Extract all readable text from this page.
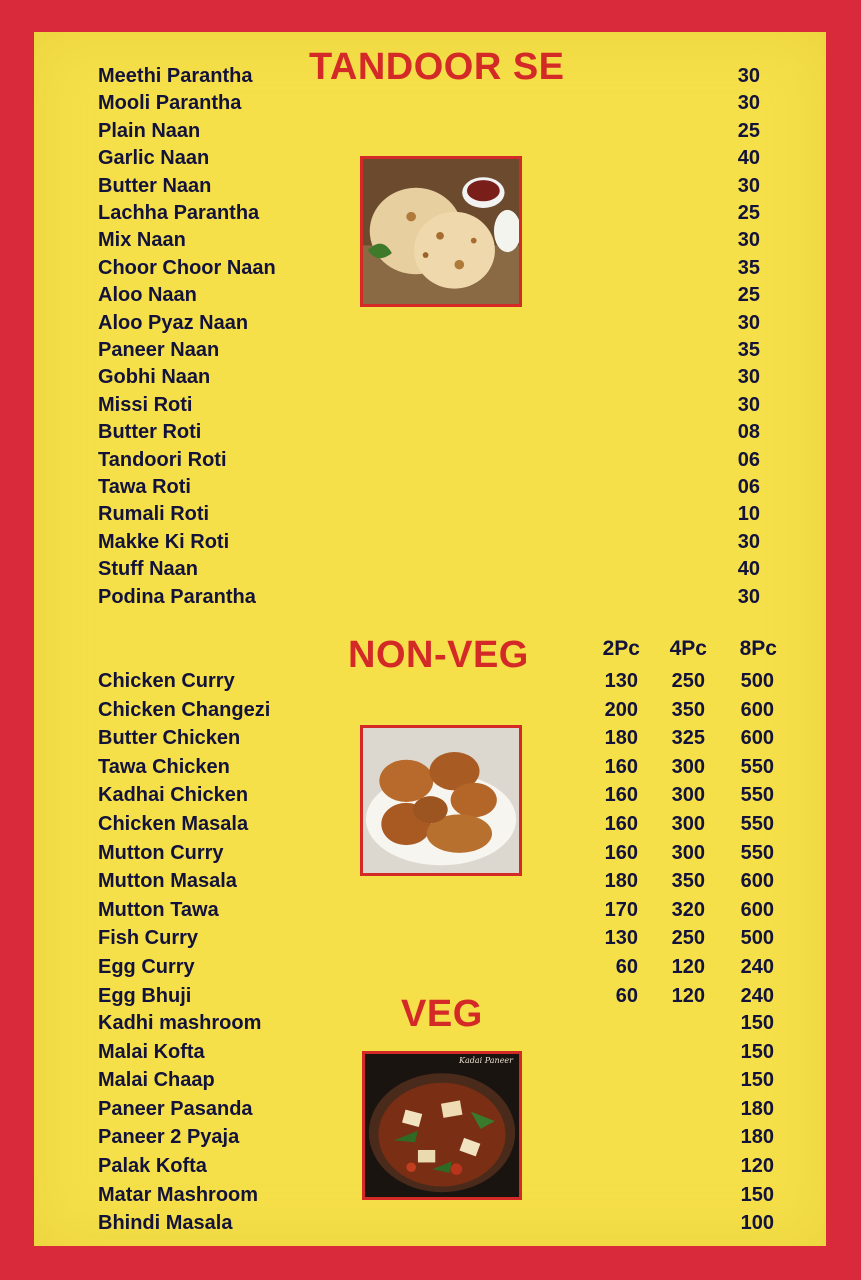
TANDOOR SE
NON-VEG
VEG
2Pc	4Pc	8Pc
Meethi Parantha	30
Mooli Parantha	30
Plain Naan	25
Garlic Naan	40
Butter Naan	30
Lachha Parantha	25
Mix Naan	30
Choor Choor Naan	35
Aloo Naan	25
Aloo Pyaz Naan	30
Paneer Naan	35
Gobhi Naan	30
Missi Roti	30
Butter Roti	08
Tandoori Roti	06
Tawa Roti	06
Rumali Roti	10
Makke Ki Roti	30
Stuff Naan	40
Podina Parantha	30
Chicken Curry	130	250	500
Chicken Changezi	200	350	600
Butter Chicken	180	325	600
Tawa Chicken	160	300	550
Kadhai Chicken	160	300	550
Chicken Masala	160	300	550
Mutton Curry	160	300	550
Mutton Masala	180	350	600
Mutton Tawa	170	320	600
Fish Curry	130	250	500
Egg Curry	60	120	240
Egg Bhuji	60	120	240
Kadhi mashroom	150
Malai Kofta	150
Malai Chaap	150
Paneer Pasanda	180
Paneer 2 Pyaja	180
Palak Kofta	120
Matar Mashroom	150
Bhindi Masala	100
Kadai Paneer
